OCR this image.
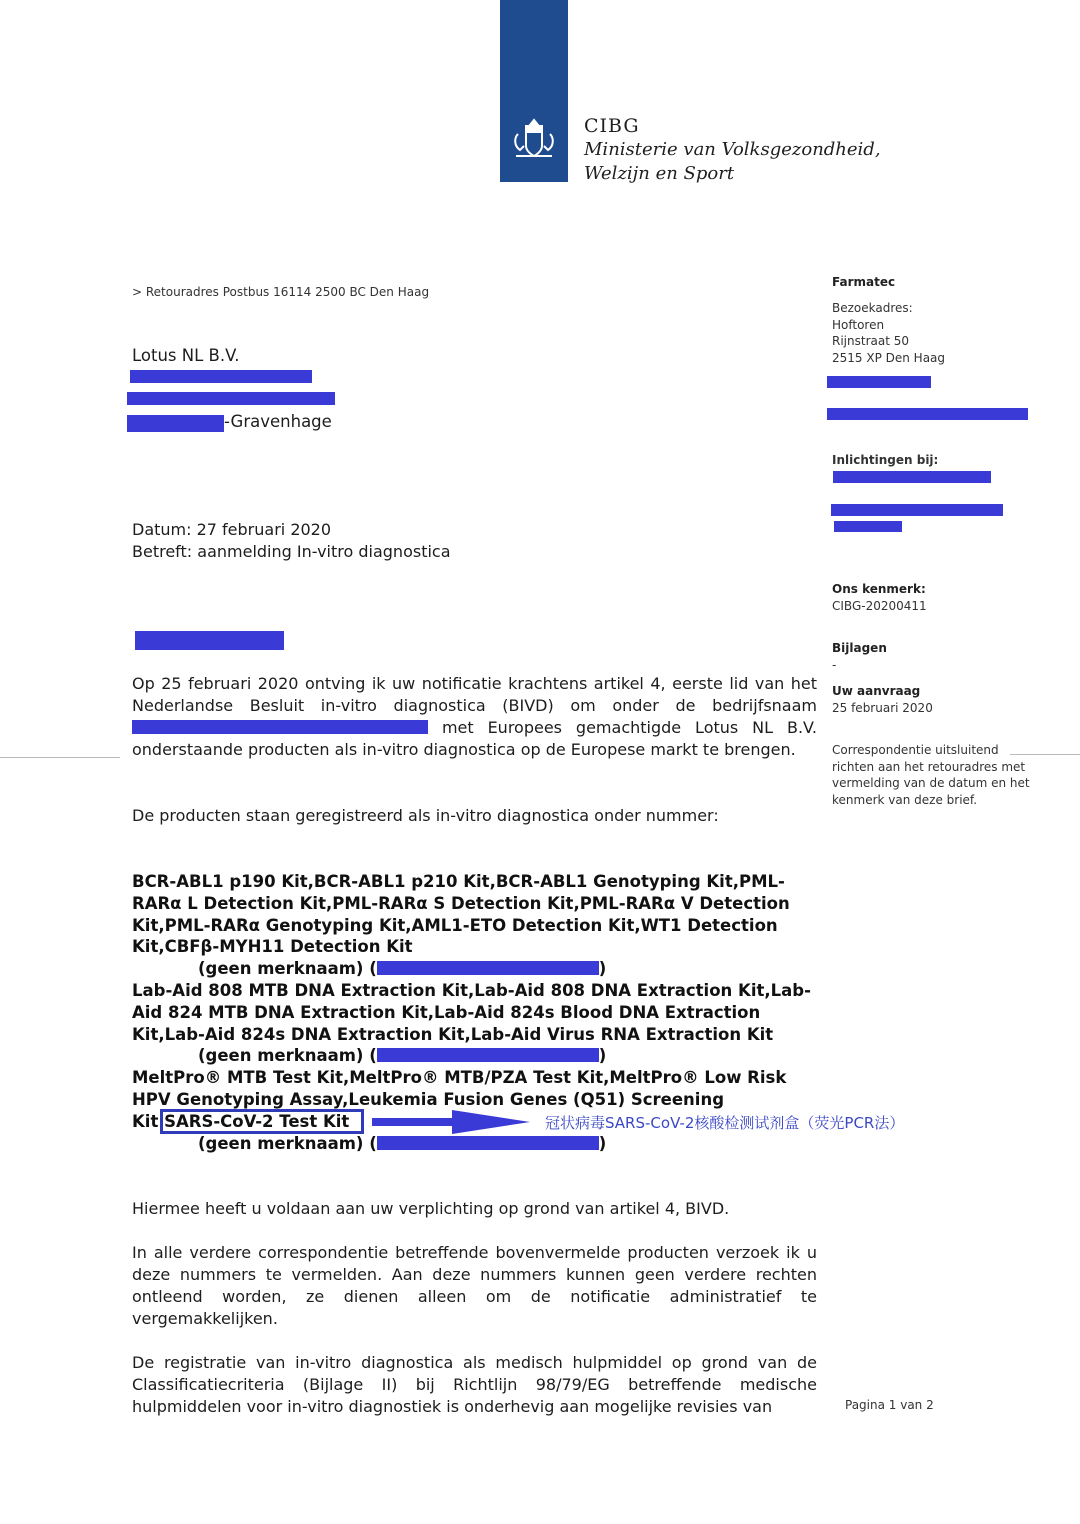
CIBG
Ministerie van Volksgezondheid,
Welzijn en Sport
> Retouradres Postbus 16114 2500 BC Den Haag
Lotus NL B.V.
-Gravenhage
Farmatec
Bezoekadres:
Hoftoren
Rijnstraat 50
2515 XP Den Haag
Inlichtingen bij:
Ons kenmerk:
CIBG-20200411
Bijlagen
-
Uw aanvraag
25 februari 2020
Correspondentie uitsluitend richten aan het retouradres met vermelding van de datum en het kenmerk van deze brief.
Datum: 27 februari 2020
Betreft: aanmelding In-vitro diagnostica
Op 25 februari 2020 ontving ik uw notificatie krachtens artikel 4, eerste lid van het Nederlandse Besluit in-vitro diagnostica (BIVD) om onder de bedrijfsnaam  met Europees gemachtigde Lotus NL B.V. onderstaande producten als in-vitro diagnostica op de Europese markt te brengen.
De producten staan geregistreerd als in-vitro diagnostica onder nummer:
BCR-ABL1 p190 Kit,BCR-ABL1 p210 Kit,BCR-ABL1 Genotyping Kit,PML-RARα L Detection Kit,PML-RARα S Detection Kit,PML-RARα V Detection Kit,PML-RARα Genotyping Kit,AML1-ETO Detection Kit,WT1 Detection Kit,CBFβ-MYH11 Detection Kit
(geen merknaam) (	)
Lab-Aid 808 MTB DNA Extraction Kit,Lab-Aid 808 DNA Extraction Kit,Lab-Aid 824 MTB DNA Extraction Kit,Lab-Aid 824s Blood DNA Extraction Kit,Lab-Aid 824s DNA Extraction Kit,Lab-Aid Virus RNA Extraction Kit
(geen merknaam) (	)
MeltPro® MTB Test Kit,MeltPro® MTB/PZA Test Kit,MeltPro® Low Risk HPV Genotyping Assay,Leukemia Fusion Genes (Q51) Screening
Kit SARS-CoV-2 Test Kit
(geen merknaam) (	)
冠状病毒SARS-CoV-2核酸检测试剂盒（荧光PCR法）
Hiermee heeft u voldaan aan uw verplichting op grond van artikel 4, BIVD.
In alle verdere correspondentie betreffende bovenvermelde producten verzoek ik u deze nummers te vermelden. Aan deze nummers kunnen geen verdere rechten ontleend worden, ze dienen alleen om de notificatie administratief te vergemakkelijken.
De registratie van in-vitro diagnostica als medisch hulpmiddel op grond van de Classificatiecriteria (Bijlage II) bij Richtlijn 98/79/EG betreffende medische hulpmiddelen voor in-vitro diagnostiek is onderhevig aan mogelijke revisies van	Pagina 1 van 2
